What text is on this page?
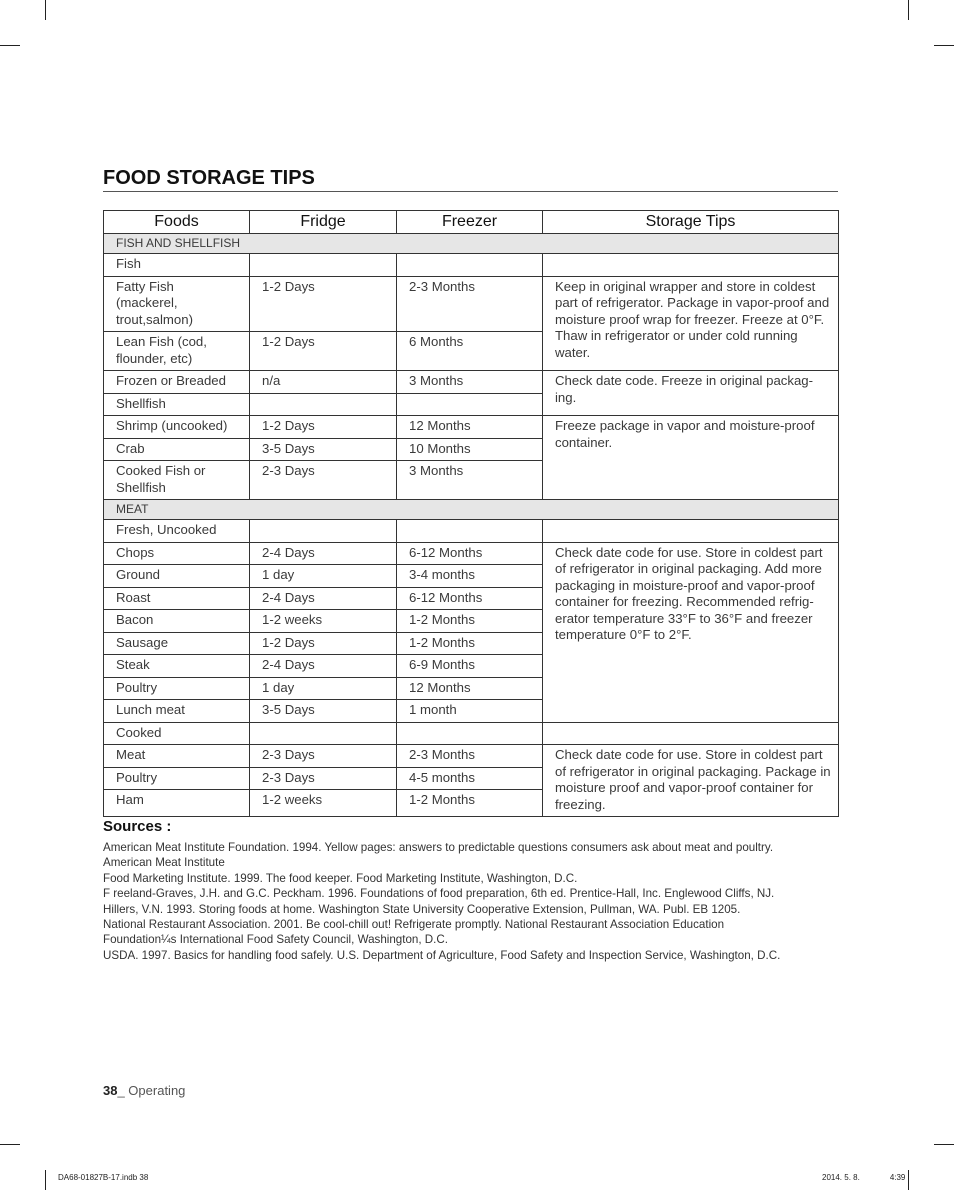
FOOD STORAGE TIPS
Foods	Fridge	Freezer	Storage Tips
FISH AND SHELLFISH			
Fish			
Fatty Fish (mackerel, trout,salmon)	1-2 Days	2-3 Months	Keep in original wrapper and store in coldest part of refrigerator. Package in vapor-proof and moisture proof wrap for freezer. Freeze at 0°F. Thaw in refrigerator or under cold running water.
Lean Fish (cod, flounder, etc)	1-2 Days	6 Months	
Frozen or Breaded	n/a	3 Months	Check date code. Freeze in original packag-ing.
Shellfish			
Shrimp (uncooked)	1-2 Days	12 Months	Freeze package in vapor and moisture-proof container.
Crab	3-5 Days	10 Months	
Cooked Fish or Shellfish	2-3 Days	3 Months	
MEAT			
Fresh, Uncooked			
Chops	2-4 Days	6-12 Months	Check date code for use. Store in coldest part of refrigerator in original packaging. Add more packaging in moisture-proof and vapor-proof container for freezing. Recommended refrig-erator temperature 33°F to 36°F and freezer temperature 0°F to 2°F.
Ground	1 day	3-4 months	
Roast	2-4 Days	6-12 Months	
Bacon	1-2 weeks	1-2 Months	
Sausage	1-2 Days	1-2 Months	
Steak	2-4 Days	6-9 Months	
Poultry	1 day	12 Months	
Lunch meat	3-5 Days	1 month	
Cooked			
Meat	2-3 Days	2-3 Months	Check date code for use. Store in coldest part of refrigerator in original packaging. Package in moisture proof and vapor-proof container for freezing.
Poultry	2-3 Days	4-5 months	
Ham	1-2 weeks	1-2 Months	
Sources :
American Meat Institute Foundation. 1994. Yellow pages: answers to predictable questions consumers ask about meat and poultry.
American Meat Institute
Food Marketing Institute. 1999. The food keeper. Food Marketing Institute, Washington, D.C.
F reeland-Graves, J.H. and G.C. Peckham. 1996. Foundations of food preparation, 6th ed. Prentice-Hall, Inc. Englewood Cliffs, NJ.
Hillers, V.N. 1993. Storing foods at home. Washington State University Cooperative Extension, Pullman, WA. Publ. EB 1205.
National Restaurant Association. 2001. Be cool-chill out! Refrigerate promptly. National Restaurant Association Education
Foundation¼s International Food Safety Council, Washington, D.C.
USDA. 1997. Basics for handling food safely. U.S. Department of Agriculture, Food Safety and Inspection Service, Washington, D.C.
38_ Operating
DA68-01827B-17.indb 38	2014. 5. 8.	4:39
